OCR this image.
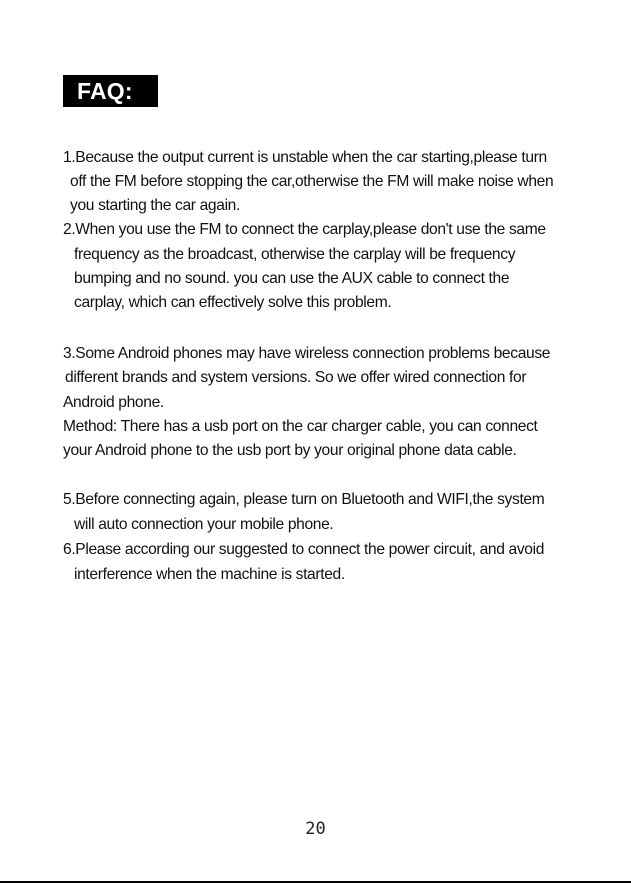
FAQ:
1.Because the output current is unstable when the car starting,please turn
off the FM before stopping the car,otherwise the FM will make noise when
you starting the car again.
2.When you use the FM to connect the carplay,please don't use the same
frequency as the broadcast, otherwise the carplay will be frequency
bumping and no sound. you can use the AUX cable to connect the
carplay, which can effectively solve this problem.
3.Some Android phones may have wireless connection problems because
different brands and system versions. So we offer wired connection for
Android phone.
Method: There has a usb port on the car charger cable, you can connect
your Android phone to the usb port by your original phone data cable.
5.Before connecting again, please turn on Bluetooth and WIFI,the system
will auto connection your mobile phone.
6.Please according our suggested to connect the power circuit, and avoid
interference when the machine is started.
20
